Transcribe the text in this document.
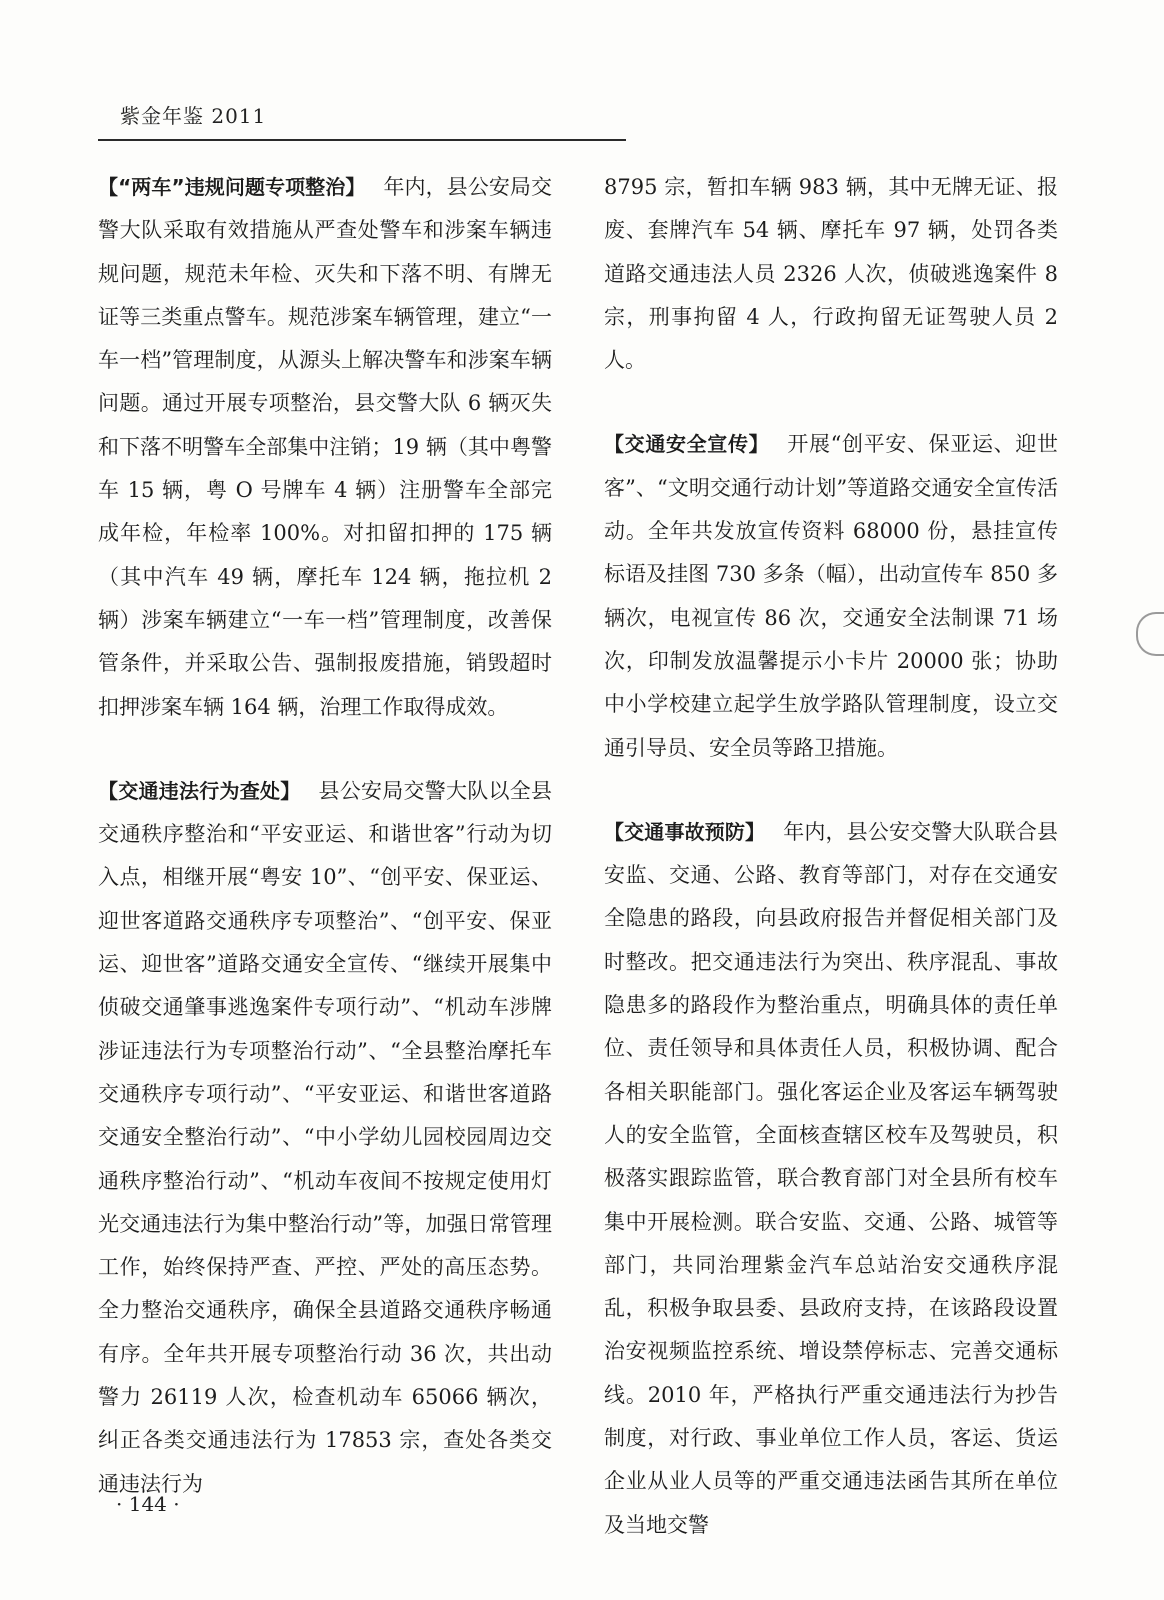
紫金年鉴 2011

【“两车”违规问题专项整治】 年内，县公安局交警大队采取有效措施从严查处警车和涉案车辆违规问题，规范未年检、灭失和下落不明、有牌无证等三类重点警车。规范涉案车辆管理，建立“一车一档”管理制度，从源头上解决警车和涉案车辆问题。通过开展专项整治，县交警大队 6 辆灭失和下落不明警车全部集中注销；19 辆（其中粤警车 15 辆，粤 O 号牌车 4 辆）注册警车全部完成年检，年检率 100%。对扣留扣押的 175 辆（其中汽车 49 辆，摩托车 124 辆，拖拉机 2 辆）涉案车辆建立“一车一档”管理制度，改善保管条件，并采取公告、强制报废措施，销毁超时扣押涉案车辆 164 辆，治理工作取得成效。

【交通违法行为查处】 县公安局交警大队以全县交通秩序整治和“平安亚运、和谐世客”行动为切入点，相继开展“粤安 10”、“创平安、保亚运、迎世客道路交通秩序专项整治”、“创平安、保亚运、迎世客”道路交通安全宣传、“继续开展集中侦破交通肇事逃逸案件专项行动”、“机动车涉牌涉证违法行为专项整治行动”、“全县整治摩托车交通秩序专项行动”、“平安亚运、和谐世客道路交通安全整治行动”、“中小学幼儿园校园周边交通秩序整治行动”、“机动车夜间不按规定使用灯光交通违法行为集中整治行动”等，加强日常管理工作，始终保持严查、严控、严处的高压态势。全力整治交通秩序，确保全县道路交通秩序畅通有序。全年共开展专项整治行动 36 次，共出动警力 26119 人次，检查机动车 65066 辆次，纠正各类交通违法行为 17853 宗，查处各类交通违法行为

8795 宗，暂扣车辆 983 辆，其中无牌无证、报废、套牌汽车 54 辆、摩托车 97 辆，处罚各类道路交通违法人员 2326 人次，侦破逃逸案件 8 宗，刑事拘留 4 人，行政拘留无证驾驶人员 2 人。

【交通安全宣传】 开展“创平安、保亚运、迎世客”、“文明交通行动计划”等道路交通安全宣传活动。全年共发放宣传资料 68000 份，悬挂宣传标语及挂图 730 多条（幅），出动宣传车 850 多辆次，电视宣传 86 次，交通安全法制课 71 场次，印制发放温馨提示小卡片 20000 张；协助中小学校建立起学生放学路队管理制度，设立交通引导员、安全员等路卫措施。

【交通事故预防】 年内，县公安交警大队联合县安监、交通、公路、教育等部门，对存在交通安全隐患的路段，向县政府报告并督促相关部门及时整改。把交通违法行为突出、秩序混乱、事故隐患多的路段作为整治重点，明确具体的责任单位、责任领导和具体责任人员，积极协调、配合各相关职能部门。强化客运企业及客运车辆驾驶人的安全监管，全面核查辖区校车及驾驶员，积极落实跟踪监管，联合教育部门对全县所有校车集中开展检测。联合安监、交通、公路、城管等部门，共同治理紫金汽车总站治安交通秩序混乱，积极争取县委、县政府支持，在该路段设置治安视频监控系统、增设禁停标志、完善交通标线。2010 年，严格执行严重交通违法行为抄告制度，对行政、事业单位工作人员，客运、货运企业从业人员等的严重交通违法函告其所在单位及当地交警

· 144 ·
